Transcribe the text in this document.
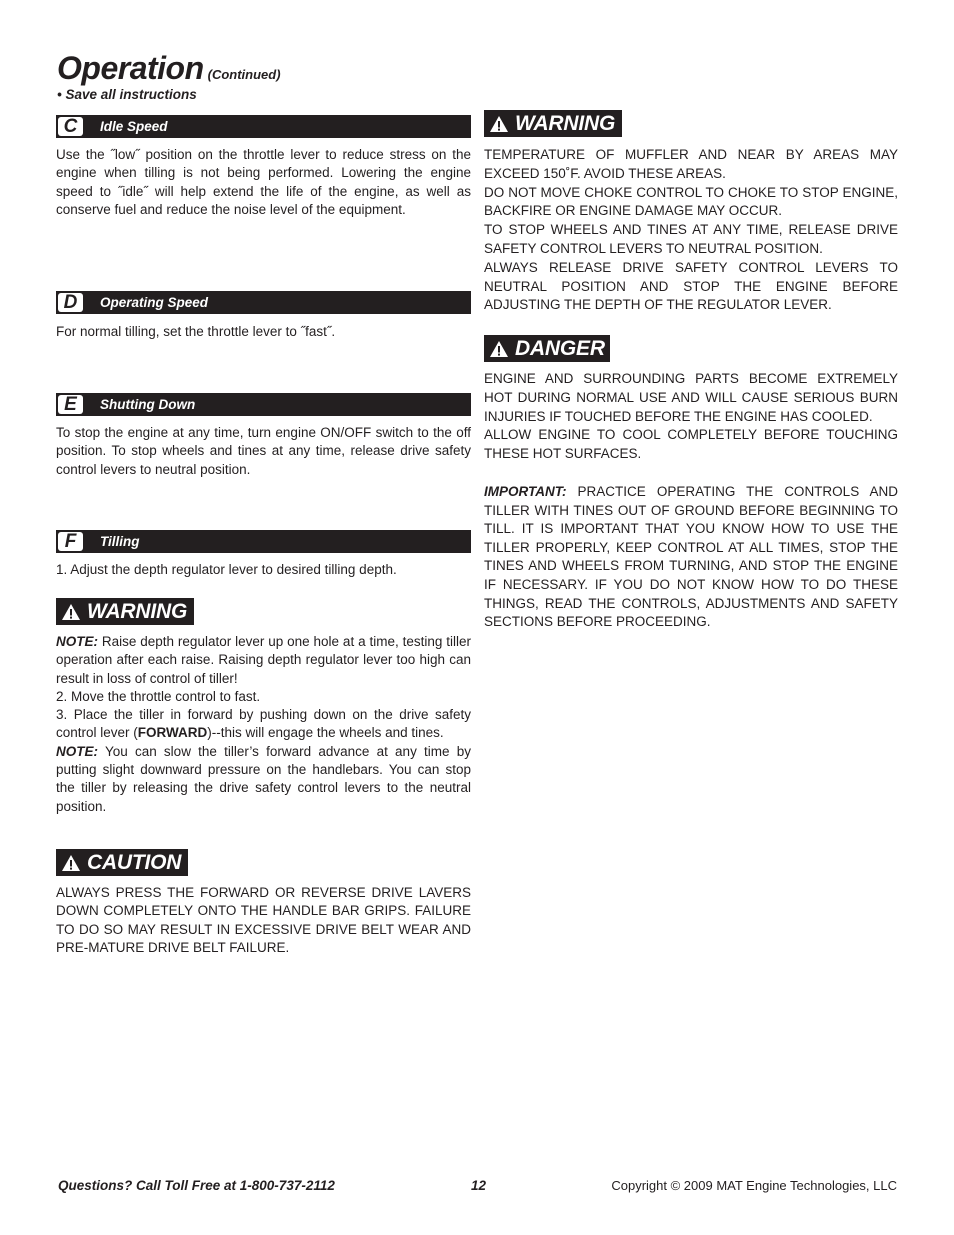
Operation (Continued)
• Save all instructions
C	Idle Speed

Use the ˝low˝ position on the throttle lever to reduce stress on the engine when tilling is not being performed. Lowering the engine speed to ˝idle˝ will help extend the life of the engine, as well as conserve fuel and reduce the noise level of the equipment.

D	Operating Speed

For normal tilling, set the throttle lever to ˝fast˝.

E	Shutting Down

To stop the engine at any time, turn engine ON/OFF switch to the off position. To stop wheels and tines at any time, release drive safety control levers to neutral position.

F	Tilling

1. Adjust the depth regulator lever to desired tilling depth.

WARNING

NOTE: Raise depth regulator lever up one hole at a time, testing tiller operation after each raise. Raising depth regulator lever too high can result in loss of control of tiller!

2. Move the throttle control to fast.

3. Place the tiller in forward by pushing down on the drive safety control lever (FORWARD)--this will engage the wheels and tines.

NOTE: You can slow the tiller’s forward advance at any time by putting slight downward pressure on the handlebars. You can stop the tiller by releasing the drive safety control levers to the neutral position.

CAUTION

ALWAYS PRESS THE FORWARD OR REVERSE DRIVE LAVERS DOWN COMPLETELY ONTO THE HANDLE BAR GRIPS. FAILURE TO DO SO MAY RESULT IN EXCESSIVE DRIVE BELT WEAR AND PRE-MATURE DRIVE BELT FAILURE.

WARNING

TEMPERATURE OF MUFFLER AND NEAR BY AREAS MAY EXCEED 150˚F. AVOID THESE AREAS.

DO NOT MOVE CHOKE CONTROL TO CHOKE TO STOP ENGINE, BACKFIRE OR ENGINE DAMAGE MAY OCCUR.

TO STOP WHEELS AND TINES AT ANY TIME, RELEASE DRIVE SAFETY CONTROL LEVERS TO NEUTRAL POSITION.

ALWAYS RELEASE DRIVE SAFETY CONTROL LEVERS TO NEUTRAL POSITION AND STOP THE ENGINE BEFORE ADJUSTING THE DEPTH OF THE REGULATOR LEVER.

DANGER

ENGINE AND SURROUNDING PARTS BECOME EXTREMELY HOT DURING NORMAL USE AND WILL CAUSE SERIOUS BURN INJURIES IF TOUCHED BEFORE THE ENGINE HAS COOLED.

ALLOW ENGINE TO COOL COMPLETELY BEFORE TOUCHING THESE HOT SURFACES.

IMPORTANT: PRACTICE OPERATING THE CONTROLS AND TILLER WITH TINES OUT OF GROUND BEFORE BEGINNING TO TILL. IT IS IMPORTANT THAT YOU KNOW HOW TO USE THE TILLER PROPERLY, KEEP CONTROL AT ALL TIMES, STOP THE TINES AND WHEELS FROM TURNING, AND STOP THE ENGINE IF NECESSARY. IF YOU DO NOT KNOW HOW TO DO THESE THINGS, READ THE CONTROLS, ADJUSTMENTS AND SAFETY SECTIONS BEFORE PROCEEDING.

Questions? Call Toll Free at 1-800-737-2112	12	Copyright © 2009 MAT Engine Technologies, LLC
